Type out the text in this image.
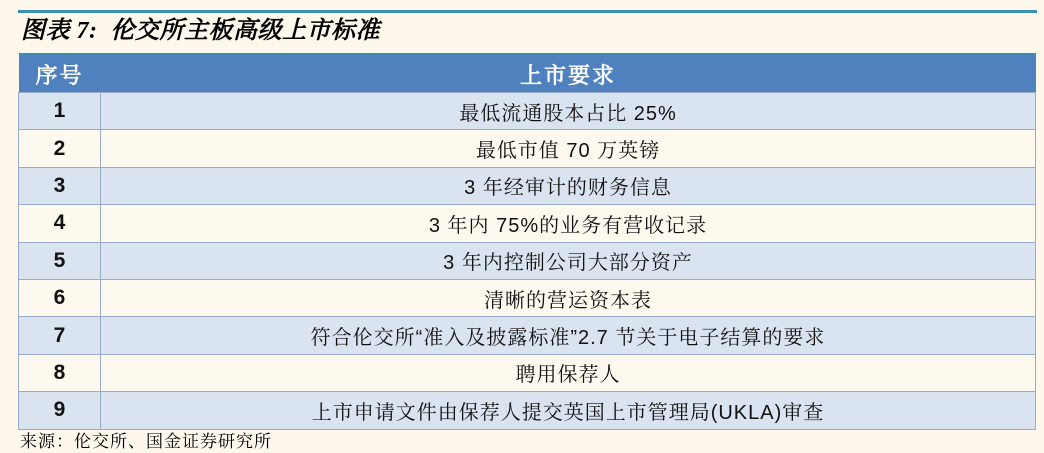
图表 7:  伦交所主板高级上市标准
序号	上市要求
1	最低流通股本占比 25%
2	最低市值 70 万英镑
3	3 年经审计的财务信息
4	3 年内 75%的业务有营收记录
5	3 年内控制公司大部分资产
6	清晰的营运资本表
7	符合伦交所“准入及披露标准”2.7 节关于电子结算的要求
8	聘用保荐人
9	上市申请文件由保荐人提交英国上市管理局(UKLA)审查
来源：伦交所、国金证券研究所
